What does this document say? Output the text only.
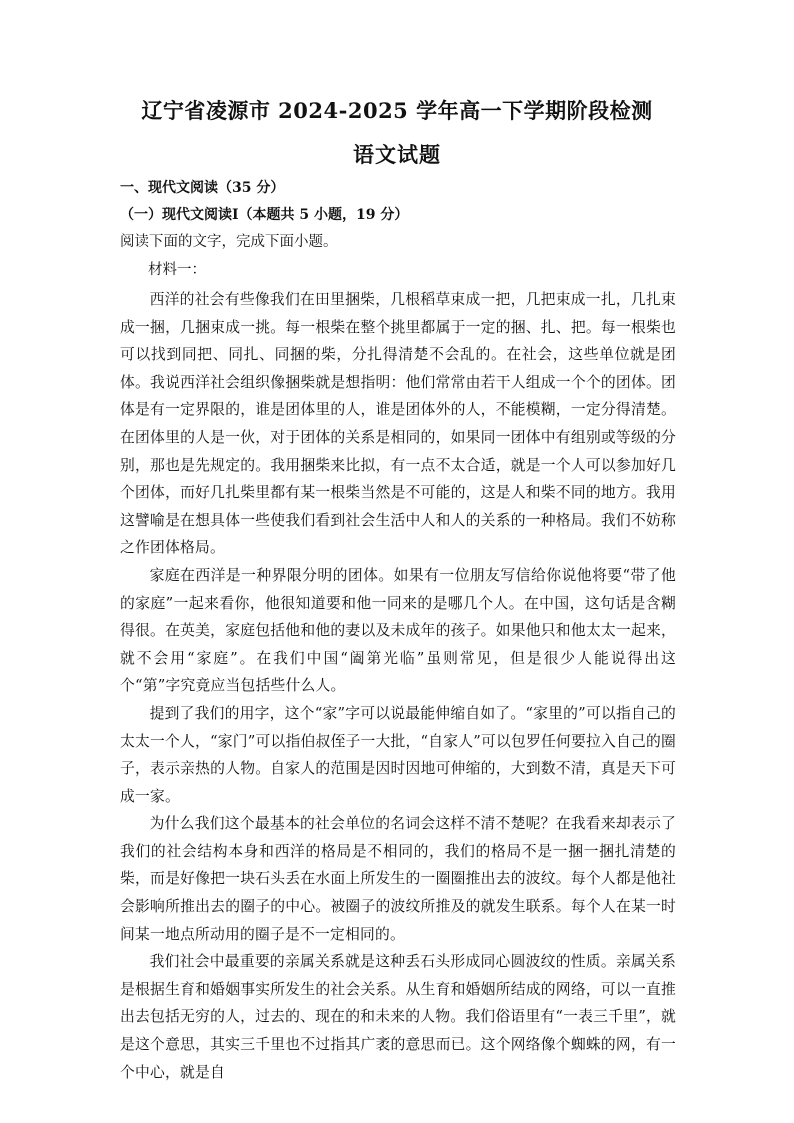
辽宁省凌源市 2024-2025 学年高一下学期阶段检测
语文试题
一、现代文阅读（35 分）
（一）现代文阅读Ⅰ（本题共 5 小题，19 分）
阅读下面的文字，完成下面小题。
材料一：

西洋的社会有些像我们在田里捆柴，几根稻草束成一把，几把束成一扎，几扎束成一捆，几捆束成一挑。每一根柴在整个挑里都属于一定的捆、扎、把。每一根柴也可以找到同把、同扎、同捆的柴，分扎得清楚不会乱的。在社会，这些单位就是团体。我说西洋社会组织像捆柴就是想指明：他们常常由若干人组成一个个的团体。团体是有一定界限的，谁是团体里的人，谁是团体外的人，不能模糊，一定分得清楚。在团体里的人是一伙，对于团体的关系是相同的，如果同一团体中有组别或等级的分别，那也是先规定的。我用捆柴来比拟，有一点不太合适，就是一个人可以参加好几个团体，而好几扎柴里都有某一根柴当然是不可能的，这是人和柴不同的地方。我用这譬喻是在想具体一些使我们看到社会生活中人和人的关系的一种格局。我们不妨称之作团体格局。

家庭在西洋是一种界限分明的团体。如果有一位朋友写信给你说他将要“带了他的家庭”一起来看你，他很知道要和他一同来的是哪几个人。在中国，这句话是含糊得很。在英美，家庭包括他和他的妻以及未成年的孩子。如果他只和他太太一起来，就不会用“家庭”。在我们中国“阖第光临”虽则常见，但是很少人能说得出这个“第”字究竟应当包括些什么人。

提到了我们的用字，这个“家”字可以说最能伸缩自如了。“家里的”可以指自己的太太一个人，“家门”可以指伯叔侄子一大批，“自家人”可以包罗任何要拉入自己的圈子，表示亲热的人物。自家人的范围是因时因地可伸缩的，大到数不清，真是天下可成一家。

为什么我们这个最基本的社会单位的名词会这样不清不楚呢？在我看来却表示了我们的社会结构本身和西洋的格局是不相同的，我们的格局不是一捆一捆扎清楚的柴，而是好像把一块石头丢在水面上所发生的一圈圈推出去的波纹。每个人都是他社会影响所推出去的圈子的中心。被圈子的波纹所推及的就发生联系。每个人在某一时间某一地点所动用的圈子是不一定相同的。

我们社会中最重要的亲属关系就是这种丢石头形成同心圆波纹的性质。亲属关系是根据生育和婚姻事实所发生的社会关系。从生育和婚姻所结成的网络，可以一直推出去包括无穷的人，过去的、现在的和未来的人物。我们俗语里有“一表三千里”，就是这个意思，其实三千里也不过指其广袤的意思而已。这个网络像个蜘蛛的网，有一个中心，就是自
